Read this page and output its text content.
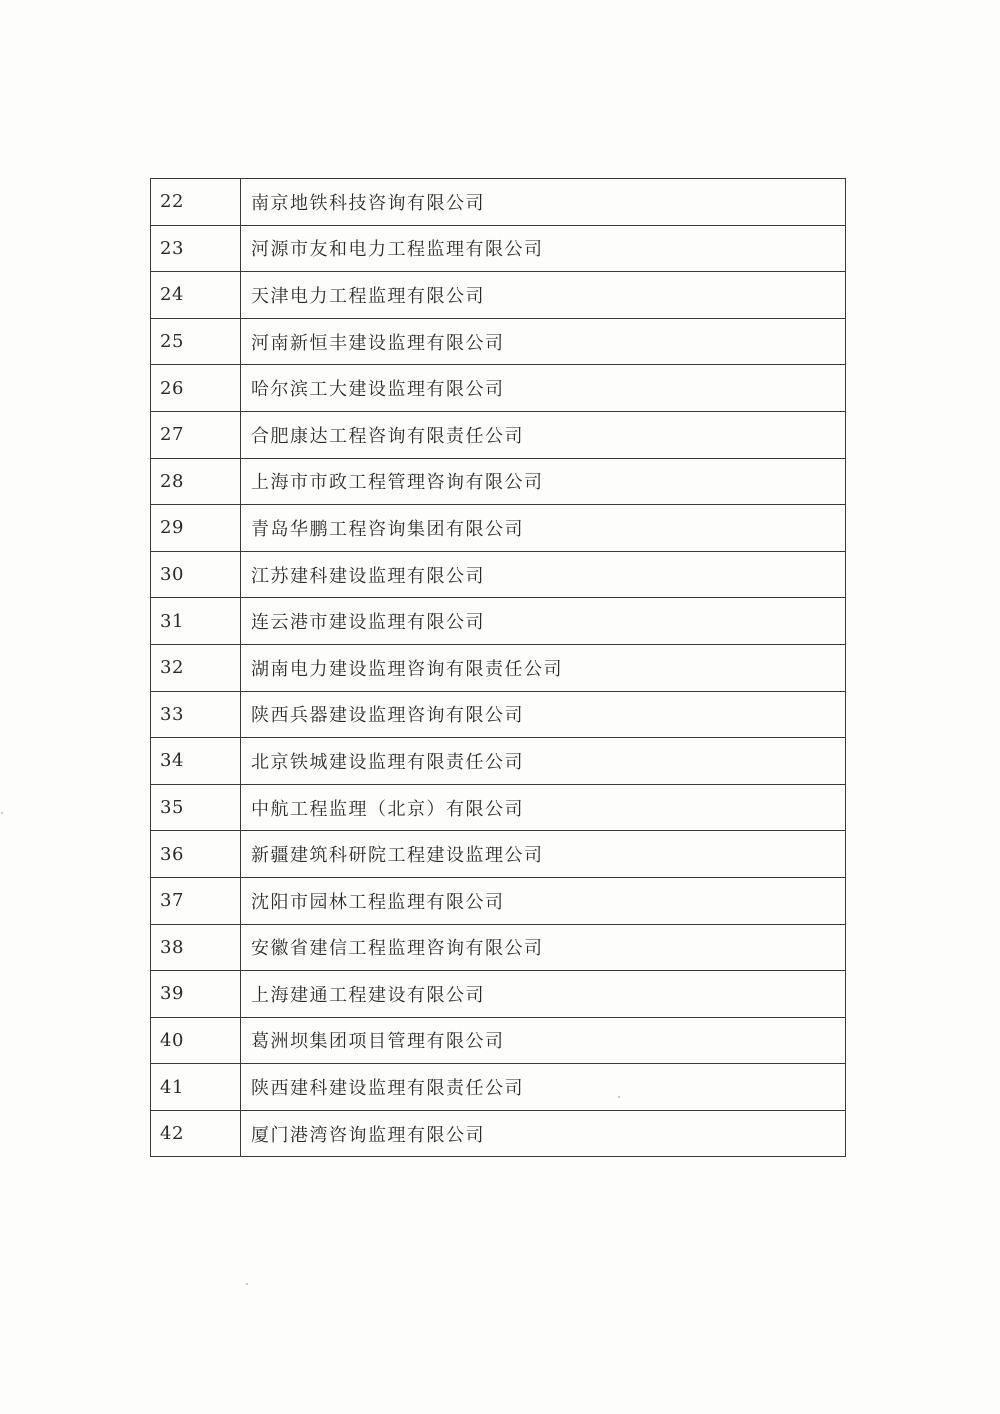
22	南京地铁科技咨询有限公司
23	河源市友和电力工程监理有限公司
24	天津电力工程监理有限公司
25	河南新恒丰建设监理有限公司
26	哈尔滨工大建设监理有限公司
27	合肥康达工程咨询有限责任公司
28	上海市市政工程管理咨询有限公司
29	青岛华鹏工程咨询集团有限公司
30	江苏建科建设监理有限公司
31	连云港市建设监理有限公司
32	湖南电力建设监理咨询有限责任公司
33	陕西兵器建设监理咨询有限公司
34	北京铁城建设监理有限责任公司
35	中航工程监理（北京）有限公司
36	新疆建筑科研院工程建设监理公司
37	沈阳市园林工程监理有限公司
38	安徽省建信工程监理咨询有限公司
39	上海建通工程建设有限公司
40	葛洲坝集团项目管理有限公司
41	陕西建科建设监理有限责任公司
42	厦门港湾咨询监理有限公司
